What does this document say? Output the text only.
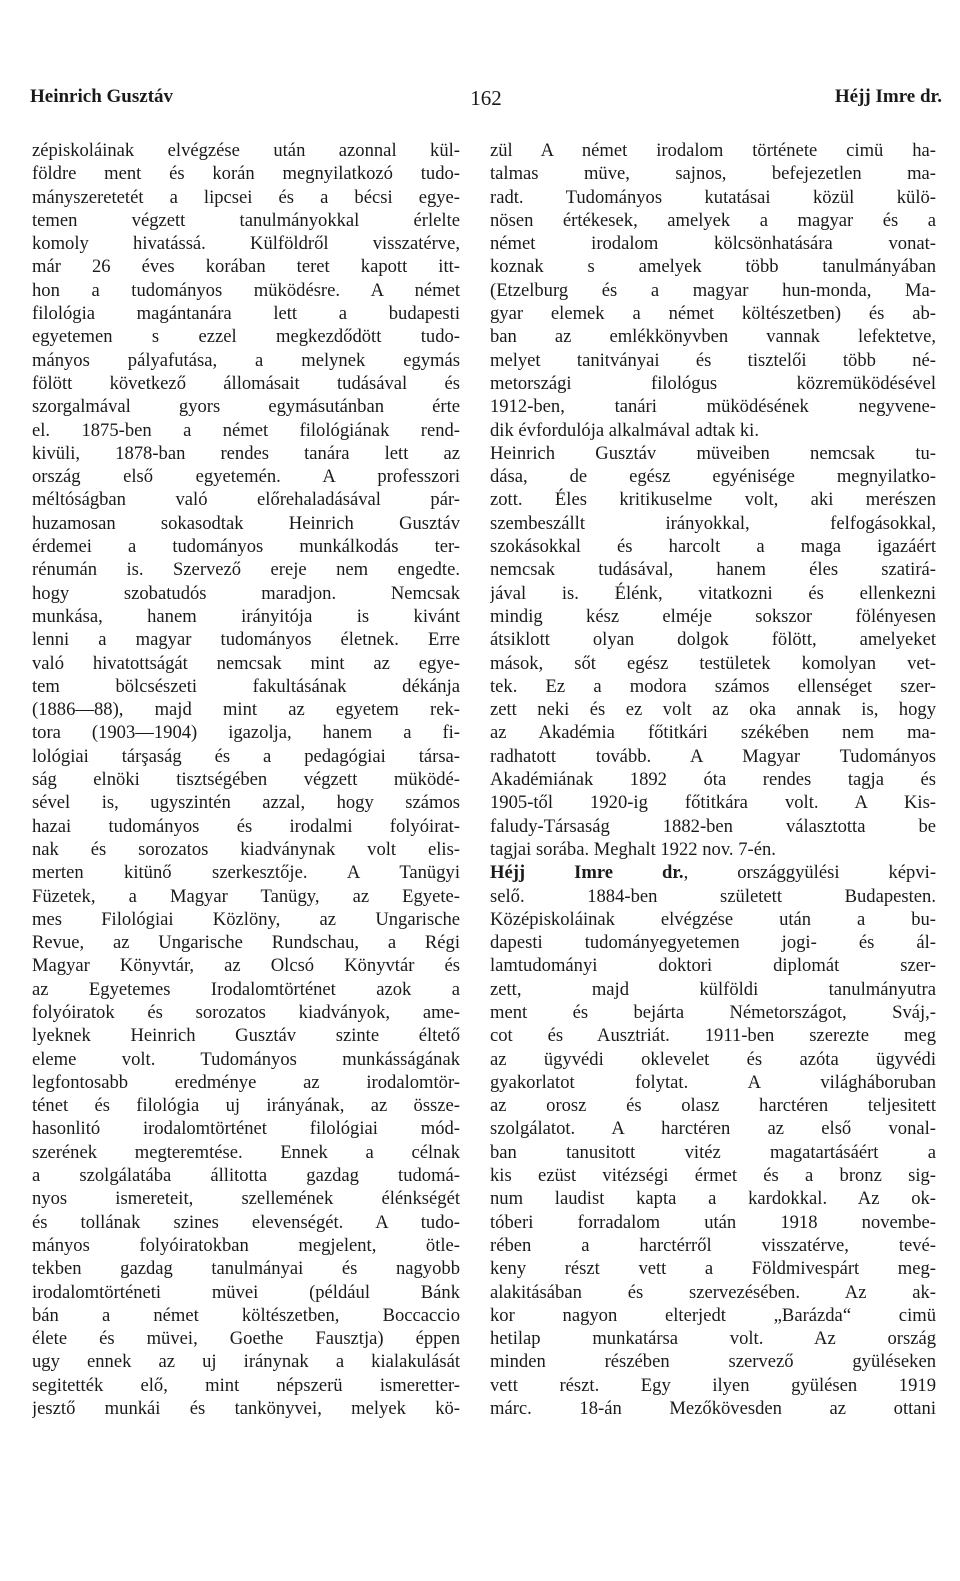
Heinrich Gusztáv	162	Héjj Imre dr.
zépiskoláinak elvégzése után azonnal kül-
földre ment és korán megnyilatkozó tudo-
mányszeretetét a lipcsei és a bécsi egye-
temen végzett tanulmányokkal érlelte
komoly hivatássá. Külföldről visszatérve,
már 26 éves korában teret kapott itt-
hon a tudományos müködésre. A német
filológia magántanára lett a budapesti
egyetemen s ezzel megkezdődött tudo-
mányos pályafutása, a melynek egymás
fölött következő állomásait tudásával és
szorgalmával gyors egymásutánban érte
el. 1875-ben a német filológiának rend-
kivüli, 1878-ban rendes tanára lett az
ország első egyetemén. A professzori
méltóságban való előrehaladásával pár-
huzamosan sokasodtak Heinrich Gusztáv
érdemei a tudományos munkálkodás ter-
rénumán is. Szervező ereje nem engedte.
hogy szobatudós maradjon. Nemcsak
munkása, hanem irányitója is kivánt
lenni a magyar tudományos életnek. Erre
való hivatottságát nemcsak mint az egye-
tem bölcsészeti fakultásának dékánja
(1886—88), majd mint az egyetem rek-
tora (1903—1904) igazolja, hanem a fi-
lológiai tárşaság és a pedagógiai társa-
ság elnöki tisztségében végzett müködé-
sével is, ugyszintén azzal, hogy számos
hazai tudományos és irodalmi folyóirat-
nak és sorozatos kiadványnak volt elis-
merten kitünő szerkesztője. A Tanügyi
Füzetek, a Magyar Tanügy, az Egyete-
mes Filológiai Közlöny, az Ungarische
Revue, az Ungarische Rundschau, a Régi
Magyar Könyvtár, az Olcsó Könyvtár és
az Egyetemes Irodalomtörténet azok a
folyóiratok és sorozatos kiadványok, ame-
lyeknek Heinrich Gusztáv szinte éltető
eleme volt. Tudományos munkásságának
legfontosabb eredménye az irodalomtör-
ténet és filológia uj irányának, az össze-
hasonlitó irodalomtörténet filológiai mód-
szerének megteremtése. Ennek a célnak
a szolgálatába állitotta gazdag tudomá-
nyos ismereteit, szellemének élénkségét
és tollának szines elevenségét. A tudo-
mányos folyóiratokban megjelent, ötle-
tekben gazdag tanulmányai és nagyobb
irodalomtörténeti müvei (például Bánk
bán a német költészetben, Boccaccio
élete és müvei, Goethe Fausztja) éppen
ugy ennek az uj iránynak a kialakulását
segitették elő, mint népszerü ismeretter-
jesztő munkái és tankönyvei, melyek kö-
zül A német irodalom története cimü ha-
talmas müve, sajnos, befejezetlen ma-
radt. Tudományos kutatásai közül külö-
nösen értékesek, amelyek a magyar és a
német irodalom kölcsönhatására vonat-
koznak s amelyek több tanulmányában
(Etzelburg és a magyar hun-monda, Ma-
gyar elemek a német költészetben) és ab-
ban az emlékkönyvben vannak lefektetve,
melyet tanitványai és tisztelői több né-
metországi filológus közremüködésével
1912-ben, tanári müködésének negyvene-
dik évfordulója alkalmával adtak ki.
Heinrich Gusztáv müveiben nemcsak tu-
dása, de egész egyénisége megnyilatko-
zott. Éles kritikuselme volt, aki merészen
szembeszállt irányokkal, felfogásokkal,
szokásokkal és harcolt a maga igazáért
nemcsak tudásával, hanem éles szatirá-
jával is. Élénk, vitatkozni és ellenkezni
mindig kész elméje sokszor fölényesen
átsiklott olyan dolgok fölött, amelyeket
mások, sőt egész testületek komolyan vet-
tek. Ez a modora számos ellenséget szer-
zett neki és ez volt az oka annak is, hogy
az Akadémia főtitkári székében nem ma-
radhatott tovább. A Magyar Tudományos
Akadémiának 1892 óta rendes tagja és
1905-től 1920-ig főtitkára volt. A Kis-
faludy-Társaság 1882-ben választotta be
tagjai sorába. Meghalt 1922 nov. 7-én.
Héjj Imre dr., országgyülési képvi-
selő. 1884-ben született Budapesten.
Középiskoláinak elvégzése után a bu-
dapesti tudományegyetemen jogi- és ál-
lamtudományi doktori diplomát szer-
zett, majd külföldi tanulmányutra
ment és bejárta Németországot, Sváj,-
cot és Ausztriát. 1911-ben szerezte meg
az ügyvédi oklevelet és azóta ügyvédi
gyakorlatot folytat. A világháboruban
az orosz és olasz harctéren teljesitett
szolgálatot. A harctéren az első vonal-
ban tanusitott vitéz magatartásáért a
kis ezüst vitézségi érmet és a bronz sig-
num laudist kapta a kardokkal. Az ok-
tóberi forradalom után 1918 novembe-
rében a harctérről visszatérve, tevé-
keny részt vett a Földmivespárt meg-
alakitásában és szervezésében. Az ak-
kor nagyon elterjedt „Barázda“ cimü
hetilap munkatársa volt. Az ország
minden részében szervező gyüléseken
vett részt. Egy ilyen gyülésen 1919
márc. 18-án Mezőkövesden az ottani
